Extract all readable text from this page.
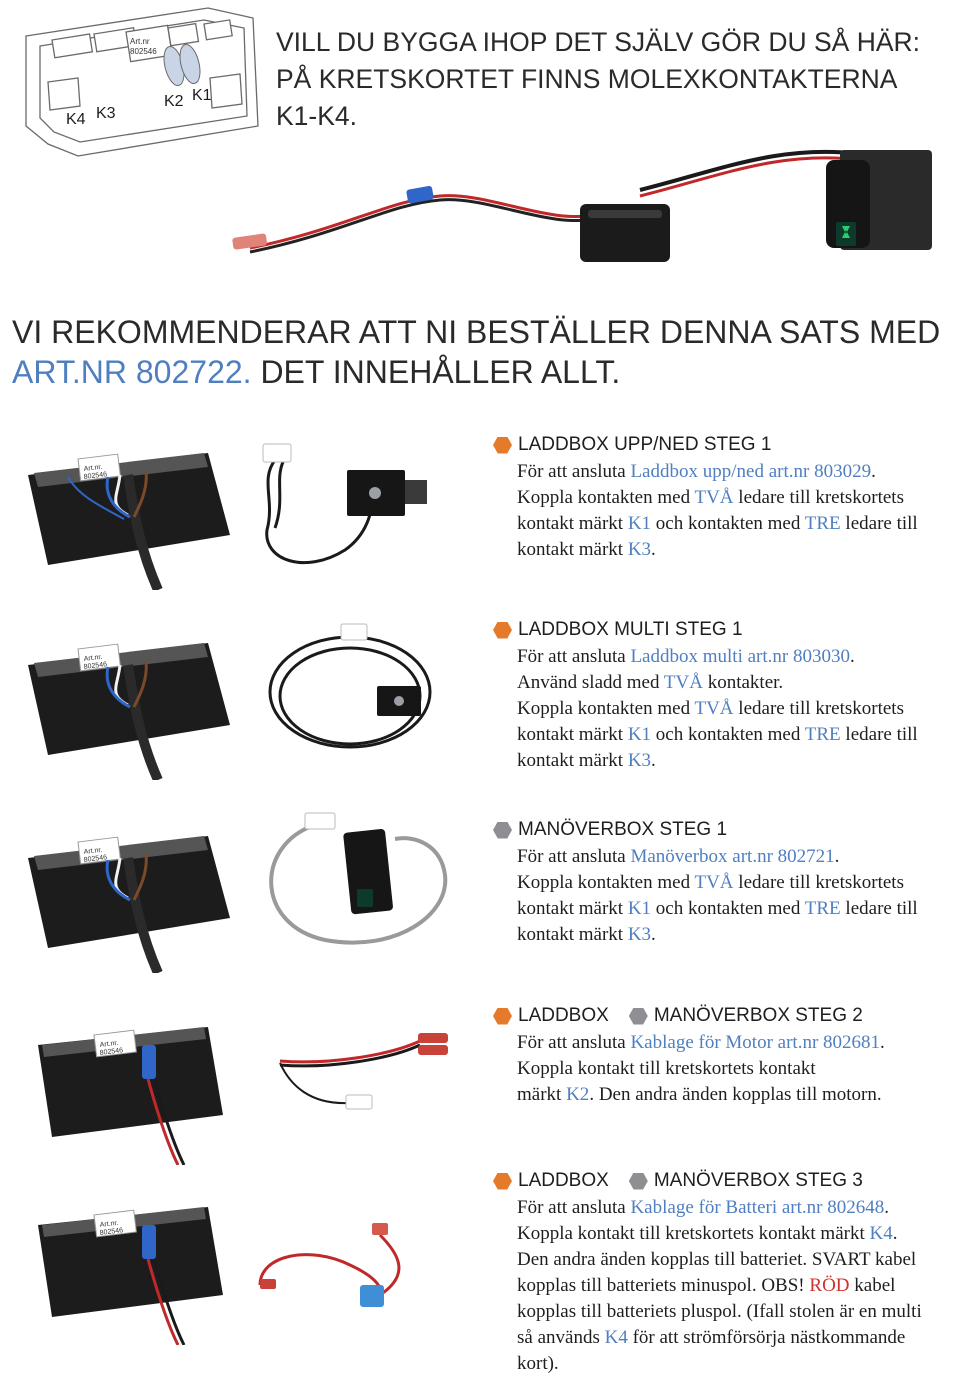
Art.nr
802546
K4 K3
K2 K1
VILL DU BYGGA IHOP DET SJÄLV GÖR DU SÅ HÄR:
PÅ KRETSKORTET FINNS MOLEXKONTAKTERNA
K1-K4.
VI REKOMMENDERAR ATT NI BESTÄLLER DENNA SATS MED
ART.NR 802722. DET INNEHÅLLER ALLT.
Art.nr.
802546
LADDBOX UPP/NED STEG 1
För att ansluta Laddbox upp/ned art.nr 803029.
Koppla kontakten med TVÅ ledare till kretskortets
kontakt märkt K1 och kontakten med TRE ledare till
kontakt märkt K3.
Art.nr.
802546
LADDBOX MULTI STEG 1
För att ansluta Laddbox multi art.nr 803030.
Använd sladd med TVÅ kontakter.
Koppla kontakten med TVÅ ledare till kretskortets
kontakt märkt K1 och kontakten med TRE ledare till
kontakt märkt K3.
Art.nr.
802546
MANÖVERBOX STEG 1
För att ansluta Manöverbox art.nr 802721.
Koppla kontakten med TVÅ ledare till kretskortets
kontakt märkt K1 och kontakten med TRE ledare till
kontakt märkt K3.
Art.nr.
802546
LADDBOX MANÖVERBOX STEG 2
För att ansluta Kablage för Motor art.nr 802681.
Koppla kontakt till kretskortets kontakt
märkt K2. Den andra änden kopplas till motorn.
Art.nr.
802546
LADDBOX MANÖVERBOX STEG 3
För att ansluta Kablage för Batteri art.nr 802648.
Koppla kontakt till kretskortets kontakt märkt K4.
Den andra änden kopplas till batteriet. SVART kabel
kopplas till batteriets minuspol. OBS! RÖD kabel
kopplas till batteriets pluspol. (Ifall stolen är en multi
så används K4 för att strömförsörja nästkommande
kort).
